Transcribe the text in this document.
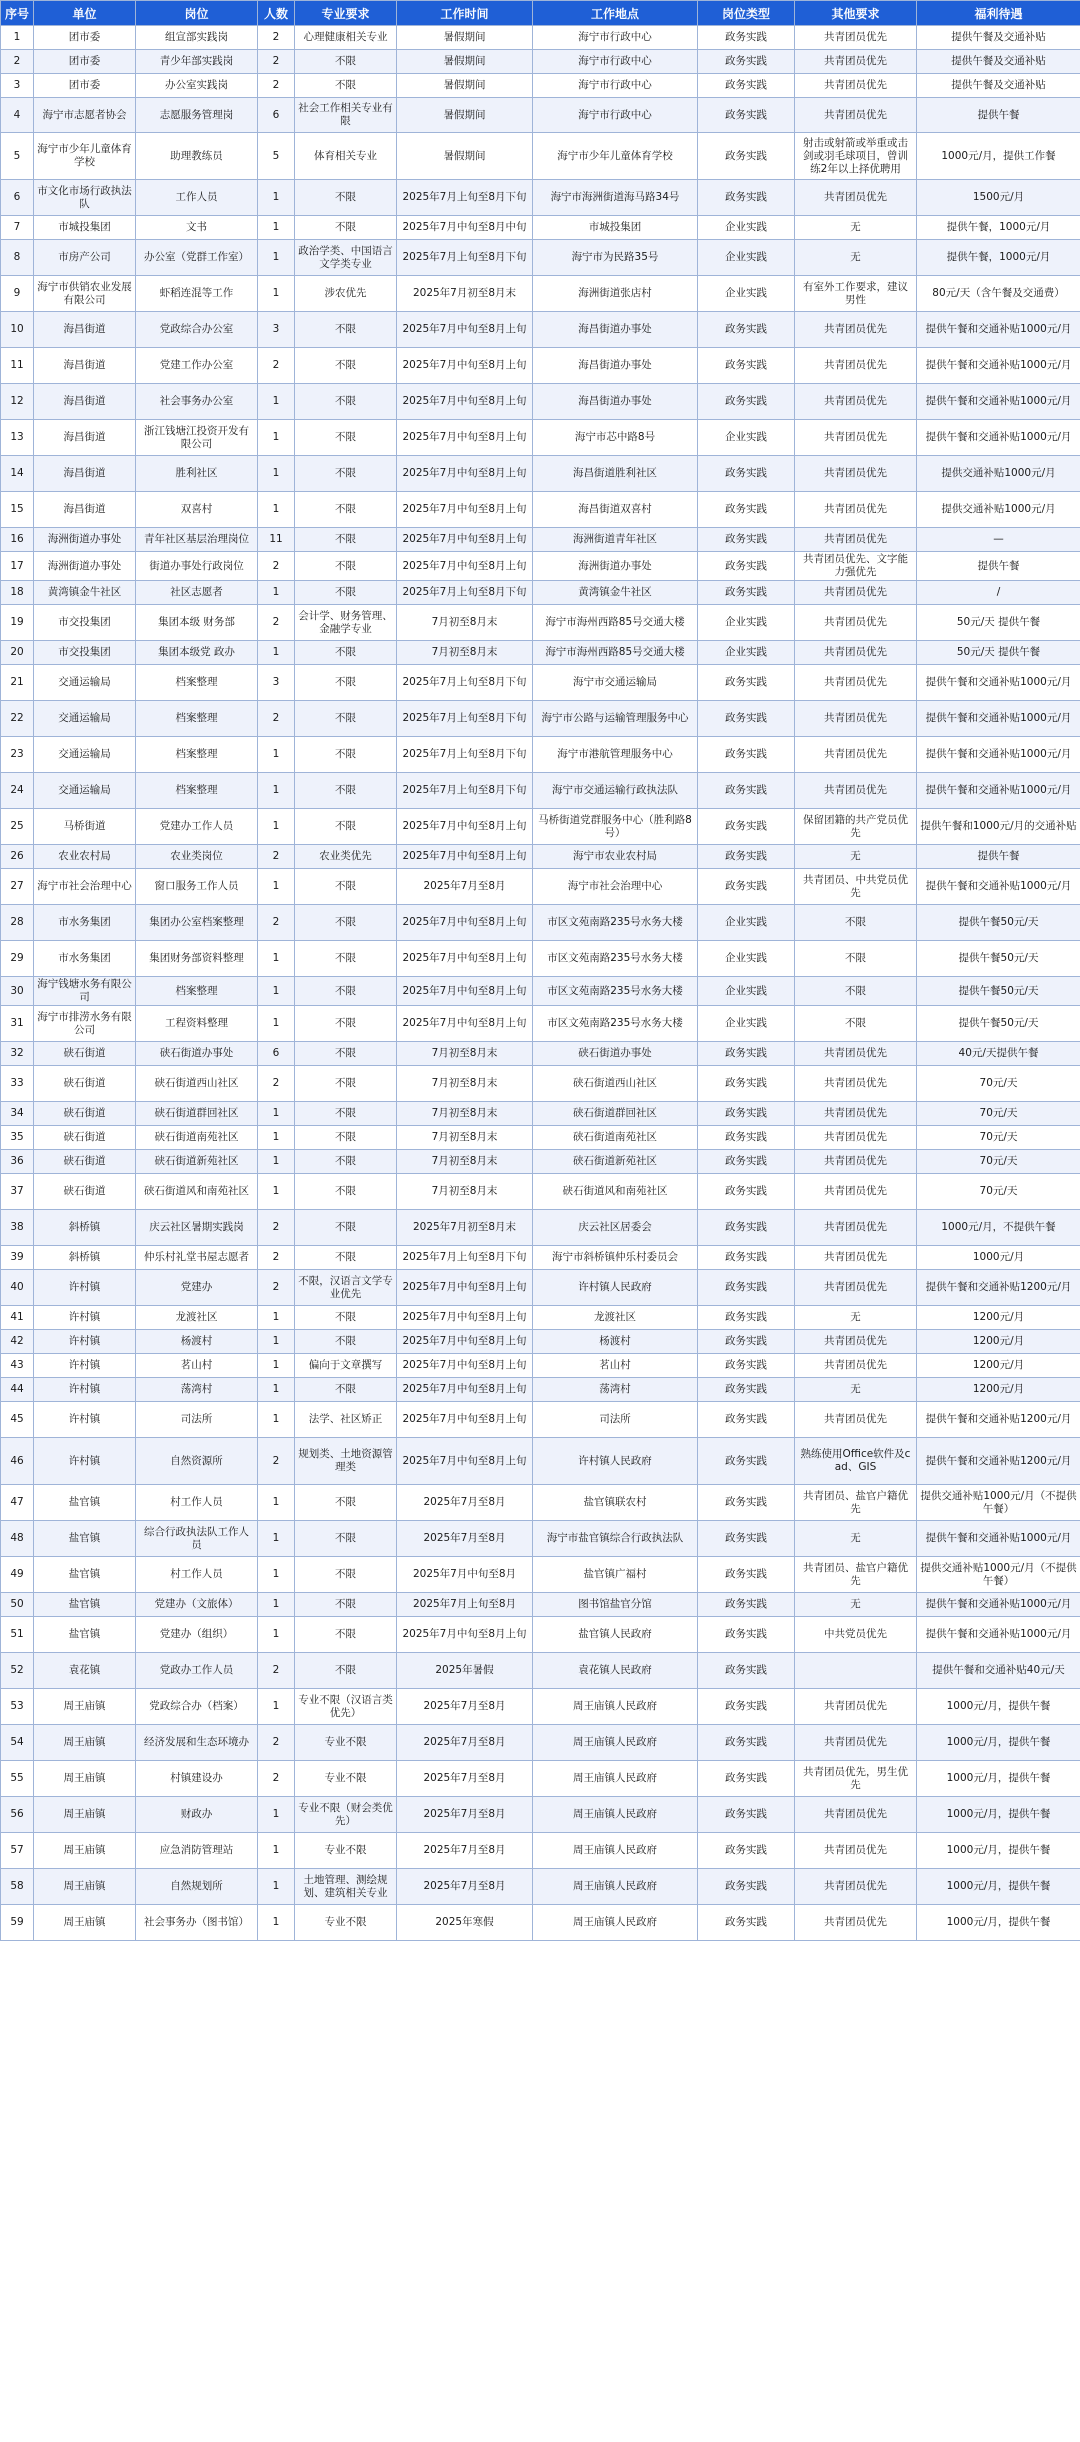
序号	单位	岗位	人数	专业要求	工作时间	工作地点	岗位类型	其他要求	福利待遇
1	团市委	组宣部实践岗	2	心理健康相关专业	暑假期间	海宁市行政中心	政务实践	共青团员优先	提供午餐及交通补贴
2	团市委	青少年部实践岗	2	不限	暑假期间	海宁市行政中心	政务实践	共青团员优先	提供午餐及交通补贴
3	团市委	办公室实践岗	2	不限	暑假期间	海宁市行政中心	政务实践	共青团员优先	提供午餐及交通补贴
4	海宁市志愿者协会	志愿服务管理岗	6	社会工作相关专业有限	暑假期间	海宁市行政中心	政务实践	共青团员优先	提供午餐
5	海宁市少年儿童体育学校	助理教练员	5	体育相关专业	暑假期间	海宁市少年儿童体育学校	政务实践	射击或射箭或举重或击剑或羽毛球项目，曾训练2年以上择优聘用	1000元/月，提供工作餐
6	市文化市场行政执法队	工作人员	1	不限	2025年7月上旬至8月下旬	海宁市海洲街道海马路34号	政务实践	共青团员优先	1500元/月
7	市城投集团	文书	1	不限	2025年7月中旬至8月中旬	市城投集团	企业实践	无	提供午餐，1000元/月
8	市房产公司	办公室（党群工作室）	1	政治学类、中国语言文学类专业	2025年7月上旬至8月下旬	海宁市为民路35号	企业实践	无	提供午餐，1000元/月
9	海宁市供销农业发展有限公司	虾稻连混等工作	1	涉农优先	2025年7月初至8月末	海洲街道张店村	企业实践	有室外工作要求，建议男性	80元/天（含午餐及交通费）
10	海昌街道	党政综合办公室	3	不限	2025年7月中旬至8月上旬	海昌街道办事处	政务实践	共青团员优先	提供午餐和交通补贴1000元/月
11	海昌街道	党建工作办公室	2	不限	2025年7月中旬至8月上旬	海昌街道办事处	政务实践	共青团员优先	提供午餐和交通补贴1000元/月
12	海昌街道	社会事务办公室	1	不限	2025年7月中旬至8月上旬	海昌街道办事处	政务实践	共青团员优先	提供午餐和交通补贴1000元/月
13	海昌街道	浙江钱塘江投资开发有限公司	1	不限	2025年7月中旬至8月上旬	海宁市芯中路8号	企业实践	共青团员优先	提供午餐和交通补贴1000元/月
14	海昌街道	胜利社区	1	不限	2025年7月中旬至8月上旬	海昌街道胜利社区	政务实践	共青团员优先	提供交通补贴1000元/月
15	海昌街道	双喜村	1	不限	2025年7月中旬至8月上旬	海昌街道双喜村	政务实践	共青团员优先	提供交通补贴1000元/月
16	海洲街道办事处	青年社区基层治理岗位	11	不限	2025年7月中旬至8月上旬	海洲街道青年社区	政务实践	共青团员优先	—
17	海洲街道办事处	街道办事处行政岗位	2	不限	2025年7月中旬至8月上旬	海洲街道办事处	政务实践	共青团员优先、文字能力强优先	提供午餐
18	黄湾镇金牛社区	社区志愿者	1	不限	2025年7月上旬至8月下旬	黄湾镇金牛社区	政务实践	共青团员优先	/
19	市交投集团	集团本级 财务部	2	会计学、财务管理、金融学专业	7月初至8月末	海宁市海州西路85号交通大楼	企业实践	共青团员优先	50元/天 提供午餐
20	市交投集团	集团本级党 政办	1	不限	7月初至8月末	海宁市海州西路85号交通大楼	企业实践	共青团员优先	50元/天 提供午餐
21	交通运输局	档案整理	3	不限	2025年7月上旬至8月下旬	海宁市交通运输局	政务实践	共青团员优先	提供午餐和交通补贴1000元/月
22	交通运输局	档案整理	2	不限	2025年7月上旬至8月下旬	海宁市公路与运输管理服务中心	政务实践	共青团员优先	提供午餐和交通补贴1000元/月
23	交通运输局	档案整理	1	不限	2025年7月上旬至8月下旬	海宁市港航管理服务中心	政务实践	共青团员优先	提供午餐和交通补贴1000元/月
24	交通运输局	档案整理	1	不限	2025年7月上旬至8月下旬	海宁市交通运输行政执法队	政务实践	共青团员优先	提供午餐和交通补贴1000元/月
25	马桥街道	党建办工作人员	1	不限	2025年7月中旬至8月上旬	马桥街道党群服务中心（胜利路8号）	政务实践	保留团籍的共产党员优先	提供午餐和1000元/月的交通补贴
26	农业农村局	农业类岗位	2	农业类优先	2025年7月中旬至8月上旬	海宁市农业农村局	政务实践	无	提供午餐
27	海宁市社会治理中心	窗口服务工作人员	1	不限	2025年7月至8月	海宁市社会治理中心	政务实践	共青团员、中共党员优先	提供午餐和交通补贴1000元/月
28	市水务集团	集团办公室档案整理	2	不限	2025年7月中旬至8月上旬	市区文苑南路235号水务大楼	企业实践	不限	提供午餐50元/天
29	市水务集团	集团财务部资料整理	1	不限	2025年7月中旬至8月上旬	市区文苑南路235号水务大楼	企业实践	不限	提供午餐50元/天
30	海宁钱塘水务有限公司	档案整理	1	不限	2025年7月中旬至8月上旬	市区文苑南路235号水务大楼	企业实践	不限	提供午餐50元/天
31	海宁市排涝水务有限公司	工程资料整理	1	不限	2025年7月中旬至8月上旬	市区文苑南路235号水务大楼	企业实践	不限	提供午餐50元/天
32	硖石街道	硖石街道办事处	6	不限	7月初至8月末	硖石街道办事处	政务实践	共青团员优先	40元/天提供午餐
33	硖石街道	硖石街道西山社区	2	不限	7月初至8月末	硖石街道西山社区	政务实践	共青团员优先	70元/天
34	硖石街道	硖石街道群回社区	1	不限	7月初至8月末	硖石街道群回社区	政务实践	共青团员优先	70元/天
35	硖石街道	硖石街道南苑社区	1	不限	7月初至8月末	硖石街道南苑社区	政务实践	共青团员优先	70元/天
36	硖石街道	硖石街道新苑社区	1	不限	7月初至8月末	硖石街道新苑社区	政务实践	共青团员优先	70元/天
37	硖石街道	硖石街道风和南苑社区	1	不限	7月初至8月末	硖石街道风和南苑社区	政务实践	共青团员优先	70元/天
38	斜桥镇	庆云社区暑期实践岗	2	不限	2025年7月初至8月末	庆云社区居委会	政务实践	共青团员优先	1000元/月，不提供午餐
39	斜桥镇	仲乐村礼堂书屋志愿者	2	不限	2025年7月上旬至8月下旬	海宁市斜桥镇仲乐村委员会	政务实践	共青团员优先	1000元/月
40	许村镇	党建办	2	不限，汉语言文学专业优先	2025年7月中旬至8月上旬	许村镇人民政府	政务实践	共青团员优先	提供午餐和交通补贴1200元/月
41	许村镇	龙渡社区	1	不限	2025年7月中旬至8月上旬	龙渡社区	政务实践	无	1200元/月
42	许村镇	杨渡村	1	不限	2025年7月中旬至8月上旬	杨渡村	政务实践	共青团员优先	1200元/月
43	许村镇	茗山村	1	偏向于文章撰写	2025年7月中旬至8月上旬	茗山村	政务实践	共青团员优先	1200元/月
44	许村镇	荡湾村	1	不限	2025年7月中旬至8月上旬	荡湾村	政务实践	无	1200元/月
45	许村镇	司法所	1	法学、社区矫正	2025年7月中旬至8月上旬	司法所	政务实践	共青团员优先	提供午餐和交通补贴1200元/月
46	许村镇	自然资源所	2	规划类、土地资源管理类	2025年7月中旬至8月上旬	许村镇人民政府	政务实践	熟练使用Office软件及cad、GIS	提供午餐和交通补贴1200元/月
47	盐官镇	村工作人员	1	不限	2025年7月至8月	盐官镇联农村	政务实践	共青团员、盐官户籍优先	提供交通补贴1000元/月（不提供午餐）
48	盐官镇	综合行政执法队工作人员	1	不限	2025年7月至8月	海宁市盐官镇综合行政执法队	政务实践	无	提供午餐和交通补贴1000元/月
49	盐官镇	村工作人员	1	不限	2025年7月中旬至8月	盐官镇广福村	政务实践	共青团员、盐官户籍优先	提供交通补贴1000元/月（不提供午餐）
50	盐官镇	党建办（文旅体）	1	不限	2025年7月上旬至8月	图书馆盐官分馆	政务实践	无	提供午餐和交通补贴1000元/月
51	盐官镇	党建办（组织）	1	不限	2025年7月中旬至8月上旬	盐官镇人民政府	政务实践	中共党员优先	提供午餐和交通补贴1000元/月
52	袁花镇	党政办工作人员	2	不限	2025年暑假	袁花镇人民政府	政务实践		提供午餐和交通补贴40元/天
53	周王庙镇	党政综合办（档案）	1	专业不限（汉语言类优先）	2025年7月至8月	周王庙镇人民政府	政务实践	共青团员优先	1000元/月，提供午餐
54	周王庙镇	经济发展和生态环境办	2	专业不限	2025年7月至8月	周王庙镇人民政府	政务实践	共青团员优先	1000元/月，提供午餐
55	周王庙镇	村镇建设办	2	专业不限	2025年7月至8月	周王庙镇人民政府	政务实践	共青团员优先，男生优先	1000元/月，提供午餐
56	周王庙镇	财政办	1	专业不限（财会类优先）	2025年7月至8月	周王庙镇人民政府	政务实践	共青团员优先	1000元/月，提供午餐
57	周王庙镇	应急消防管理站	1	专业不限	2025年7月至8月	周王庙镇人民政府	政务实践	共青团员优先	1000元/月，提供午餐
58	周王庙镇	自然规划所	1	土地管理、测绘规划、建筑相关专业	2025年7月至8月	周王庙镇人民政府	政务实践	共青团员优先	1000元/月，提供午餐
59	周王庙镇	社会事务办（图书馆）	1	专业不限	2025年寒假	周王庙镇人民政府	政务实践	共青团员优先	1000元/月，提供午餐
